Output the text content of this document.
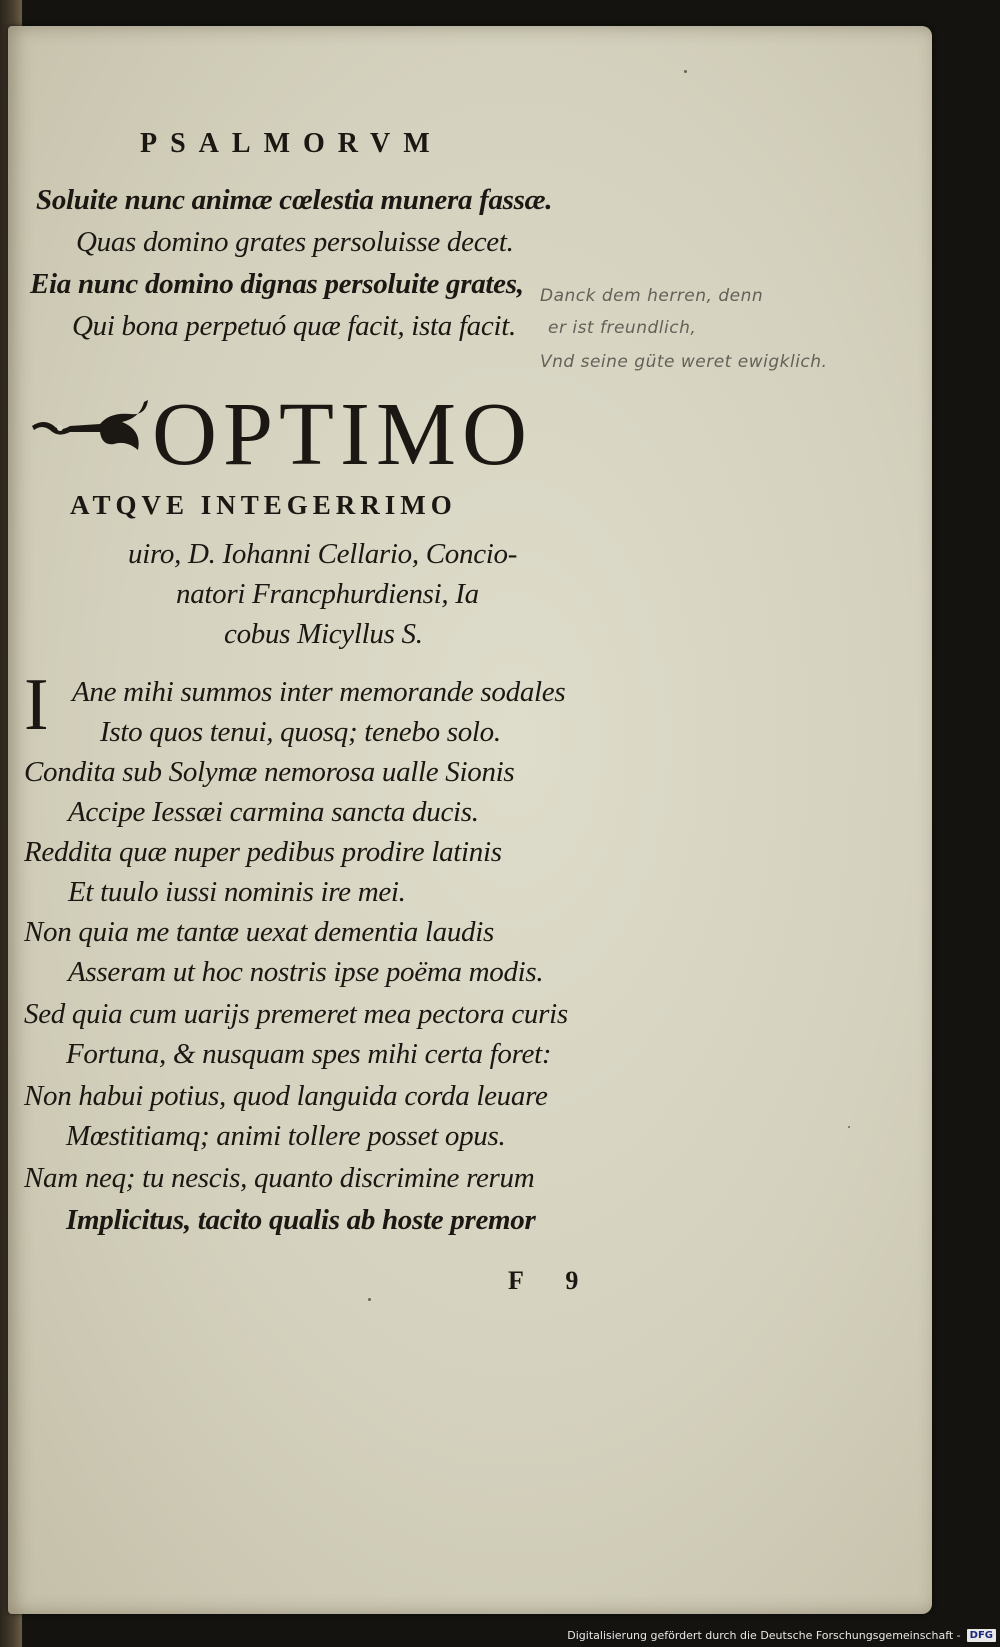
PSALMORVM
Soluite nunc animæ cœlestia munera fassæ.
Quas domino grates persoluisse decet.
Eia nunc domino dignas persoluite grates,
Qui bona perpetuó quæ facit, ista facit.
Danck dem herren, denn
er ist freundlich,
Vnd seine güte weret ewigklich.
OPTIMO
ATQVE INTEGERRIMO
uiro, D. Iohanni Cellario, Concio-
natori Francphurdiensi, Ia
cobus Micyllus S.
I Ane mihi summos inter memorande sodales
Isto quos tenui, quosq; tenebo solo.
Condita sub Solymæ nemorosa ualle Sionis
Accipe Iessæi carmina sancta ducis.
Reddita quæ nuper pedibus prodire latinis
Et tuulo iussi nominis ire mei.
Non quia me tantæ uexat dementia laudis
Asseram ut hoc nostris ipse poëma modis.
Sed quia cum uarijs premeret mea pectora curis
Fortuna, & nusquam spes mihi certa foret:
Non habui potius, quod languida corda leuare
Mœstitiamq; animi tollere posset opus.
Nam neq; tu nescis, quanto discrimine rerum
Implicitus, tacito qualis ab hoste premor
F 9
Digitalisierung gefördert durch die Deutsche Forschungsgemeinschaft - DFG
